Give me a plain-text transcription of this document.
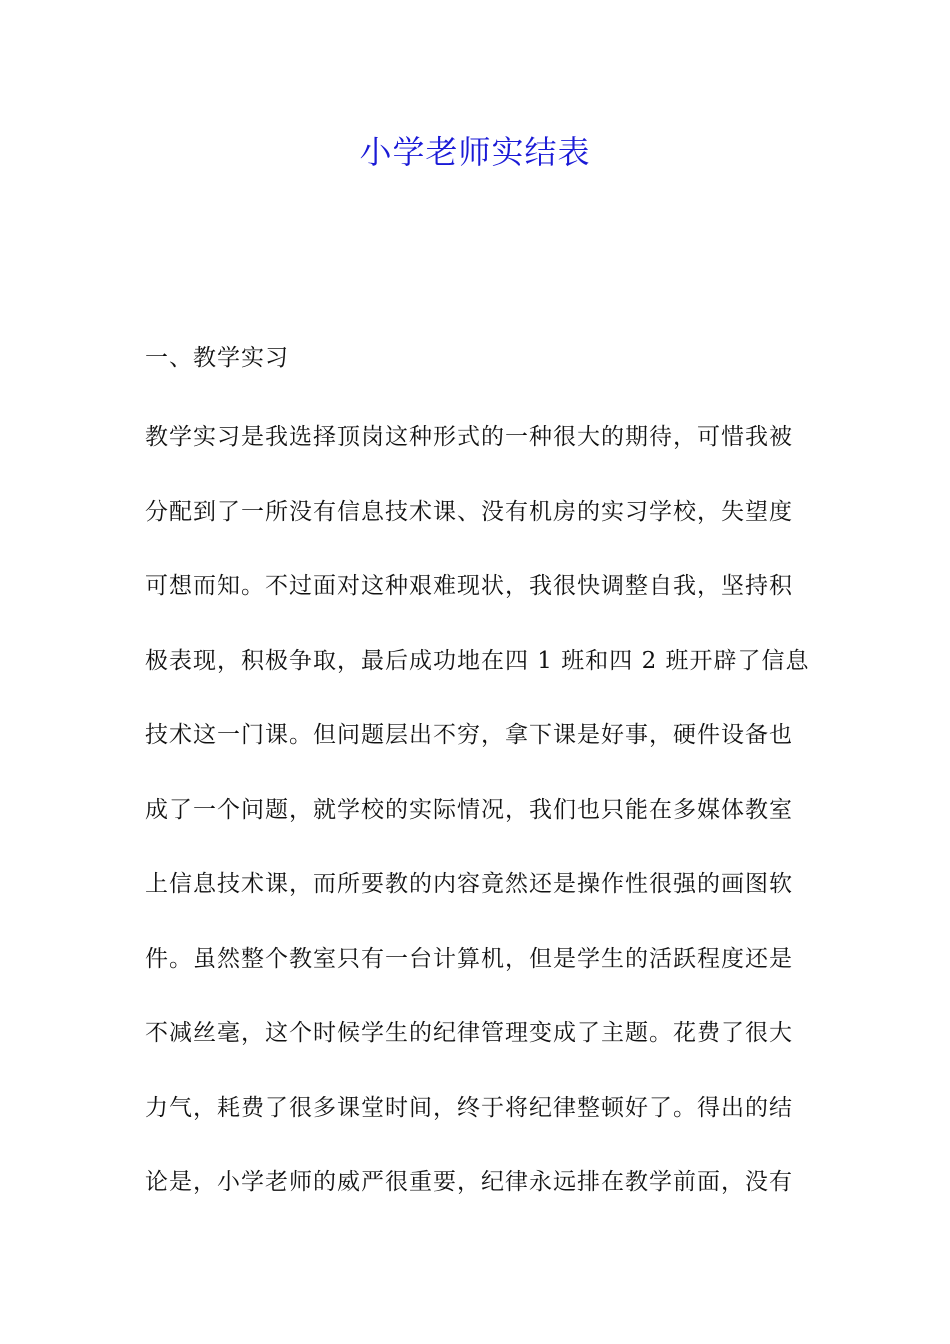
小学老师实结表
一、教学实习
教学实习是我选择顶岗这种形式的一种很大的期待，可惜我被
分配到了一所没有信息技术课、没有机房的实习学校，失望度
可想而知。不过面对这种艰难现状，我很快调整自我，坚持积
极表现，积极争取，最后成功地在四 1 班和四 2 班开辟了信息
技术这一门课。但问题层出不穷，拿下课是好事，硬件设备也
成了一个问题，就学校的实际情况，我们也只能在多媒体教室
上信息技术课，而所要教的内容竟然还是操作性很强的画图软
件。虽然整个教室只有一台计算机，但是学生的活跃程度还是
不减丝毫，这个时候学生的纪律管理变成了主题。花费了很大
力气，耗费了很多课堂时间，终于将纪律整顿好了。得出的结
论是，小学老师的威严很重要，纪律永远排在教学前面，没有
